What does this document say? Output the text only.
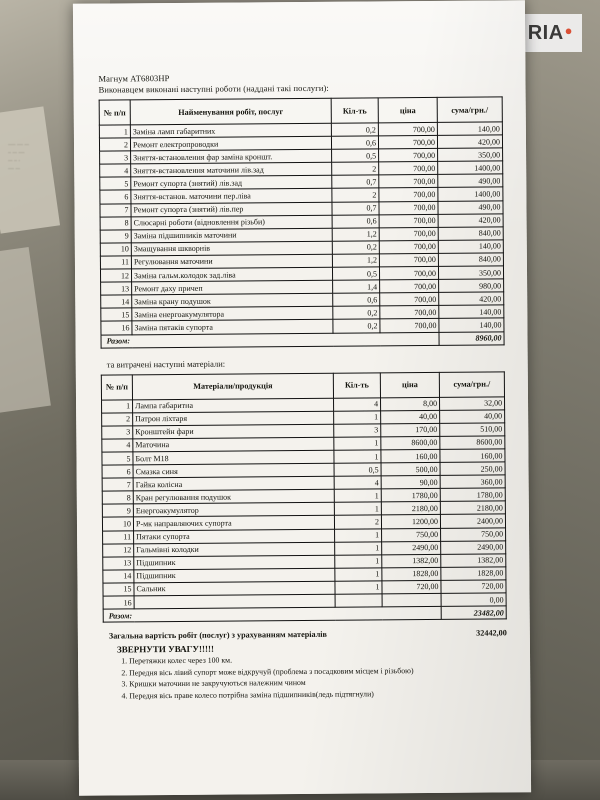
..... .... ...
.. ... ....
... .. .
.... ...
RIA ●
Магнум АТ6803НР
Виконавцем виконані наступні роботи (наддані такі послуги):
№ п/п	Найменування робіт, послуг	Кіл-ть	ціна	сума/грн./
1	Заміна ламп габаритних	0,2	700,00	140,00
2	Ремонт електропроводки	0,6	700,00	420,00
3	Зняття-встановлення фар заміна кроншт.	0,5	700,00	350,00
4	Зняття-встановлення маточини лів.зад	2	700,00	1400,00
5	Ремонт супорта (знятий) лів.зад	0,7	700,00	490,00
6	Зняття-встанов. маточини пер.ліва	2	700,00	1400,00
7	Ремонт супорта (знятий) лів.пер	0,7	700,00	490,00
8	Слюсарні роботи (відновлення різьби)	0,6	700,00	420,00
9	Заміна підшипників маточини	1,2	700,00	840,00
10	Змащування шкворнів	0,2	700,00	140,00
11	Регулювання маточини	1,2	700,00	840,00
12	Заміна гальм.колодок зад.ліва	0,5	700,00	350,00
13	Ремонт даху причеп	1,4	700,00	980,00
14	Заміна крану подушок	0,6	700,00	420,00
15	Заміна енергоакумулятора	0,2	700,00	140,00
16	Заміна пятаків супорта	0,2	700,00	140,00
Разом:				8960,00
та витрачені наступні матеріали:
№ п/п	Матеріали/продукція	Кіл-ть	ціна	сума/грн./
1	Лампа габаритна	4	8,00	32,00
2	Патрон ліхтаря	1	40,00	40,00
3	Кронштейн фари	3	170,00	510,00
4	Маточина	1	8600,00	8600,00
5	Болт М18	1	160,00	160,00
6	Смазка синя	0,5	500,00	250,00
7	Гайка колісна	4	90,00	360,00
8	Кран регулювання подушок	1	1780,00	1780,00
9	Енергоакумулятор	1	2180,00	2180,00
10	Р-мк направляючих супорта	2	1200,00	2400,00
11	Пятаки супорта	1	750,00	750,00
12	Гальмівні колодки	1	2490,00	2490,00
13	Підшипник	1	1382,00	1382,00
14	Підшипник	1	1828,00	1828,00
15	Сальник	1	720,00	720,00
16				0,00
Разом:				23482,00
Загальна вартість робіт (послуг) з урахуванням матеріалів	32442,00
ЗВЕРНУТИ УВАГУ!!!!!
1. Перетяжки колес через 100 км.
2. Передня вісь лівий супорт може відкручуй (проблема з посадковим місцем і різьбою)
3. Кришки маточини не закручуються належним чином
4. Передня вісь праве колесо потрібна заміна підшипників(ледь підтягнули)
